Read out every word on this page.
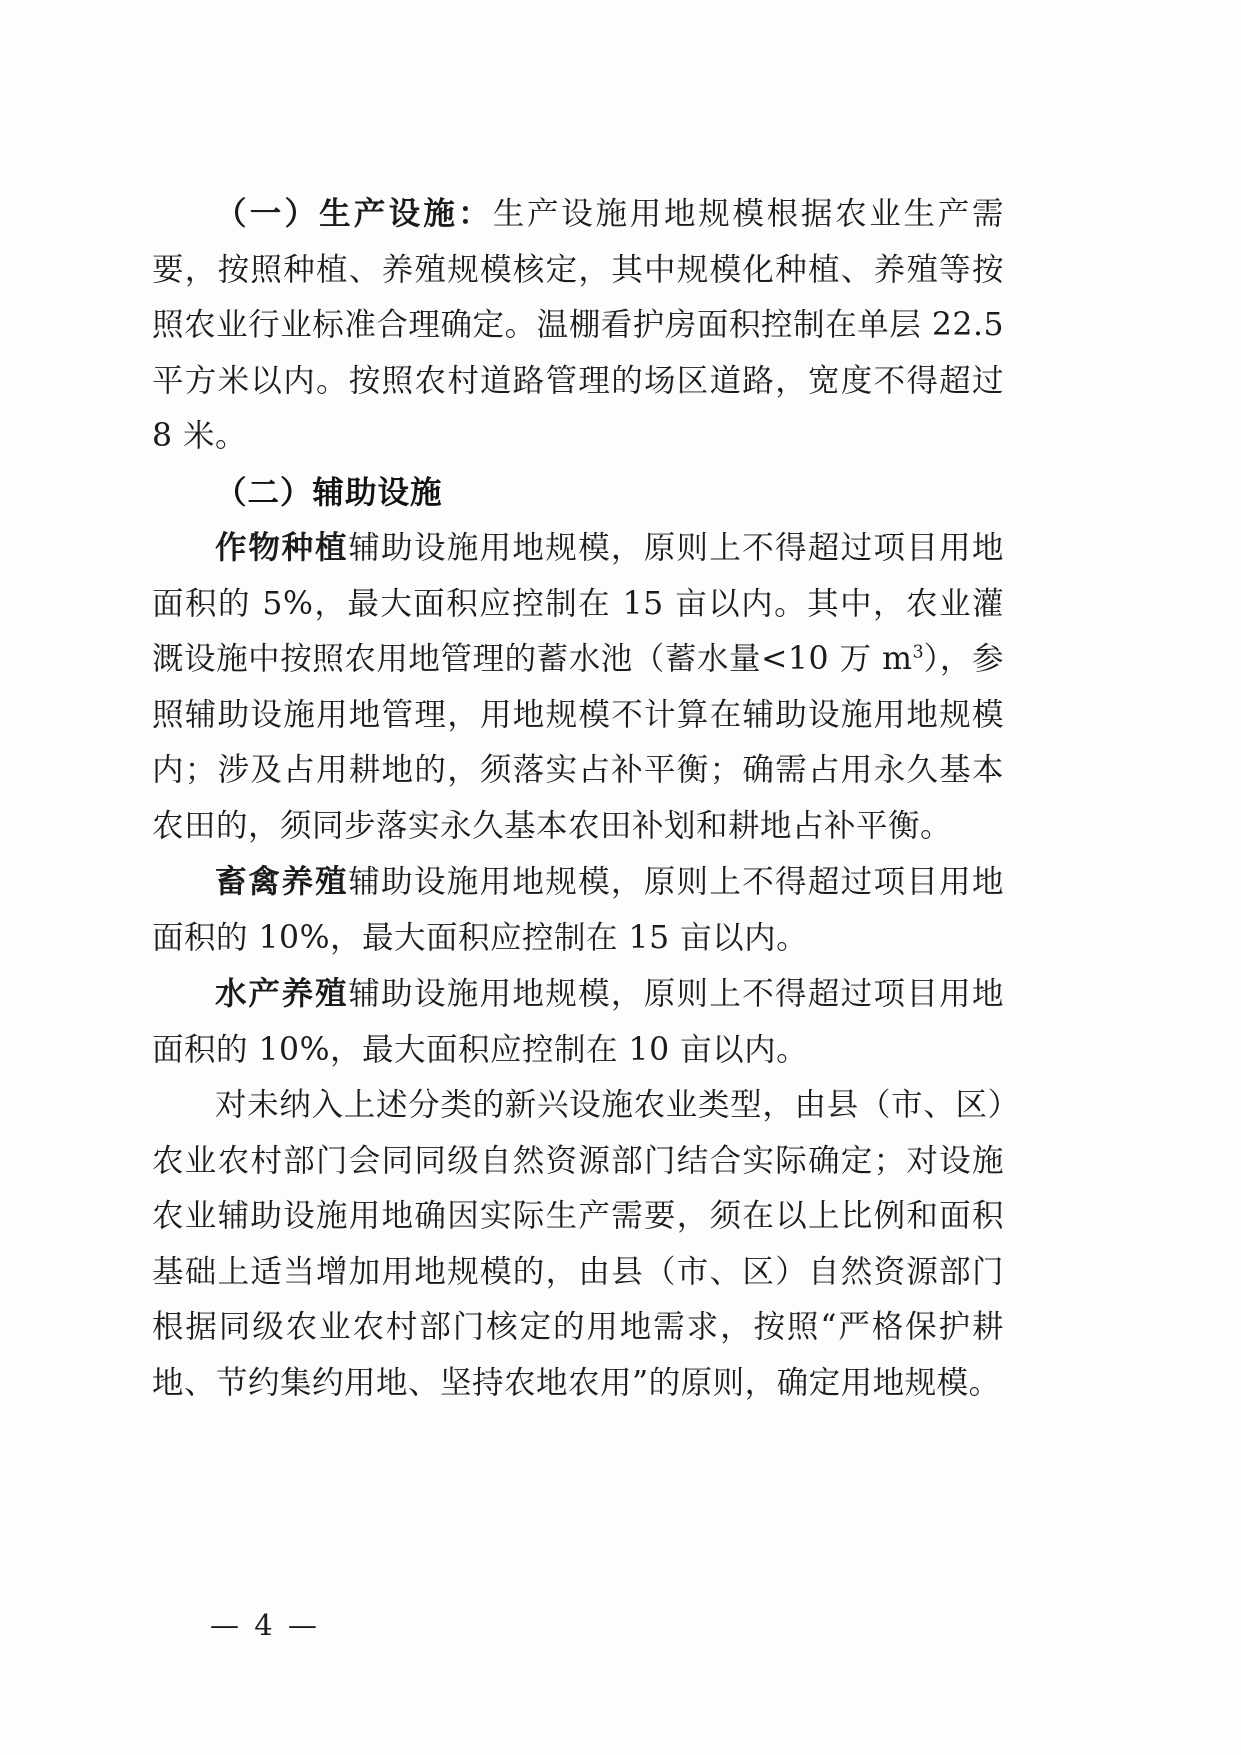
（一）生产设施：生产设施用地规模根据农业生产需要，按照种植、养殖规模核定，其中规模化种植、养殖等按照农业行业标准合理确定。温棚看护房面积控制在单层 22.5 平方米以内。按照农村道路管理的场区道路，宽度不得超过 8 米。

（二）辅助设施

作物种植辅助设施用地规模，原则上不得超过项目用地面积的 5%，最大面积应控制在 15 亩以内。其中，农业灌溉设施中按照农用地管理的蓄水池（蓄水量<10 万 $m^3$），参照辅助设施用地管理，用地规模不计算在辅助设施用地规模内；涉及占用耕地的，须落实占补平衡；确需占用永久基本农田的，须同步落实永久基本农田补划和耕地占补平衡。

畜禽养殖辅助设施用地规模，原则上不得超过项目用地面积的 10%，最大面积应控制在 15 亩以内。

水产养殖辅助设施用地规模，原则上不得超过项目用地面积的 10%，最大面积应控制在 10 亩以内。

对未纳入上述分类的新兴设施农业类型，由县（市、区）农业农村部门会同同级自然资源部门结合实际确定；对设施农业辅助设施用地确因实际生产需要，须在以上比例和面积基础上适当增加用地规模的，由县（市、区）自然资源部门根据同级农业农村部门核定的用地需求，按照“严格保护耕地、节约集约用地、坚持农地农用”的原则，确定用地规模。

— 4 —
